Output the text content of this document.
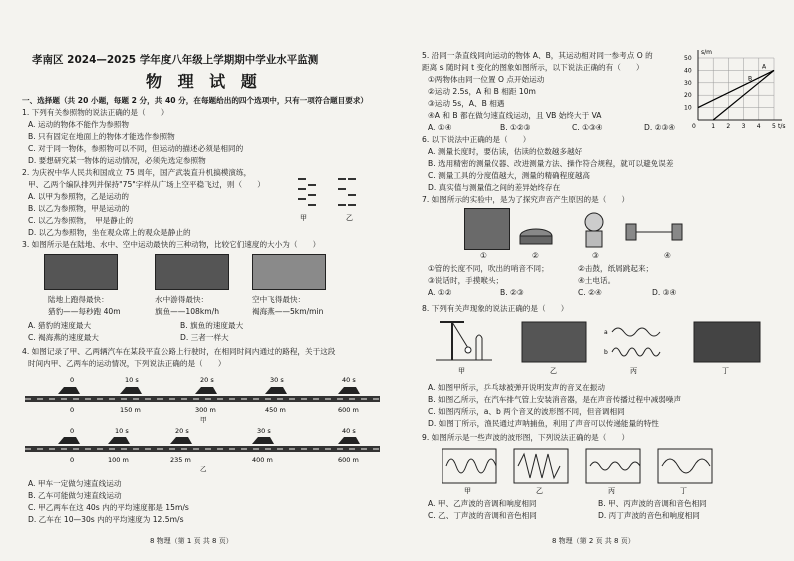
孝南区 2024—2025 学年度八年级上学期期中学业水平监测
物 理 试 题
一、选择题（共 20 小题，每题 2 分，共 40 分，在每题给出的四个选项中，只有一项符合题目要求）
1. 下列有关参照物的说法正确的是（　　）
A. 运动的物体不能作为参照物
B. 只有固定在地面上的物体才能选作参照物
C. 对于同一物体，参照物可以不同，但运动的描述必须是相同的
D. 要想研究某一物体的运动情况，必须先选定参照物
2. 为庆祝中华人民共和国成立 75 周年，国产武装直升机搞模演练，
甲、乙两个编队排列并保持"75"字样从广场上空平稳飞过，则（　　）
A. 以甲为参照物，乙是运动的
B. 以乙为参照物，甲是运动的
C. 以乙为参照物，　甲是静止的
D. 以乙为参照物，坐在观众席上的观众是静止的
甲	乙
3. 如图所示是在陆地、水中、空中运动最快的三种动物，比较它们速度的大小为（　　）
陆地上跑得最快：
猎豹——每秒跑 40m
水中游得最快：
旗鱼——108km/h
空中飞得最快：
褐海燕——5km/min
A. 猎豹的速度最大	B. 旗鱼的速度最大
C. 褐海燕的速度最大	D. 三者一样大
4. 如图记录了甲、乙两辆汽车在某段平直公路上行驶时，在相同时间内通过的路程，关于这段
时间内甲、乙两车的运动情况，下列说法正确的是（　　）
0	10 s	20 s	30 s	40 s
0	150 m	300 m	450 m	600 m
甲
0	10 s	20 s	30 s	40 s
0	100 m	235 m	400 m	600 m
乙
A. 甲车一定做匀速直线运动
B. 乙车可能做匀速直线运动
C. 甲乙两车在这 40s 内的平均速度都是 15m/s
D. 乙车在 10—30s 内的平均速度为 12.5m/s
8 物理（第 1 页 共 8 页）
5. 沿同一条直线同向运动的物体 A、B，其运动相对同一参考点 O 的
距离 s 随时间 t 变化的图象如图所示，以下说法正确的有（　　）
①两物体由同一位置 O 点开始运动
②运动 2.5s，A 和 B 相距 10m
③运动 5s，A、B 相遇
④A 和 B 都在做匀速直线运动，且 VB 始终大于 VA
A. ①④	B. ①②③	C. ①③④	D. ②③④	1 2 3 4 5
10
20
30
40
50
0
s/m
t/s
A
B
6. 以下说法中正确的是（　　）
A. 测量长度时，要估读，估读的位数越多越好
B. 选用精密的测量仪器、改进测量方法、操作符合规程，就可以避免误差
C. 测量工具的分度值越大，测量的精确程度越高
D. 真实值与测量值之间的差异始终存在
7. 如图所示的实验中，是为了探究声音产生原因的是（　　）
①	②	③	④
①管的长度不同，吹出的哨音不同；	②击鼓，纸屑跳起来；
③说话时，手摸喉头；	④土电话。
A. ①②	B. ②③	C. ②④	D. ③④
8. 下列有关声现象的说法正确的是（　　）
a
b
甲	乙	丙	丁
A. 如图甲所示，乒乓球被弹开说明发声的音叉在振动
B. 如图乙所示，在汽车排气管上安装消音器，是在声音传播过程中减弱噪声
C. 如图丙所示，a、b 两个音叉的波形图不同，但音调相同
D. 如图丁所示，渔民通过声呐捕鱼，利用了声音可以传递能量的特性
9. 如图所示是一些声波的波形图，下列说法正确的是（　　）
甲	乙	丙	丁
A. 甲、乙声波的音调和响度相同	B. 甲、丙声波的音调和音色相同
C. 乙、丁声波的音调和音色相同	D. 丙丁声波的音色和响度相同
8 物理（第 2 页 共 8 页）
